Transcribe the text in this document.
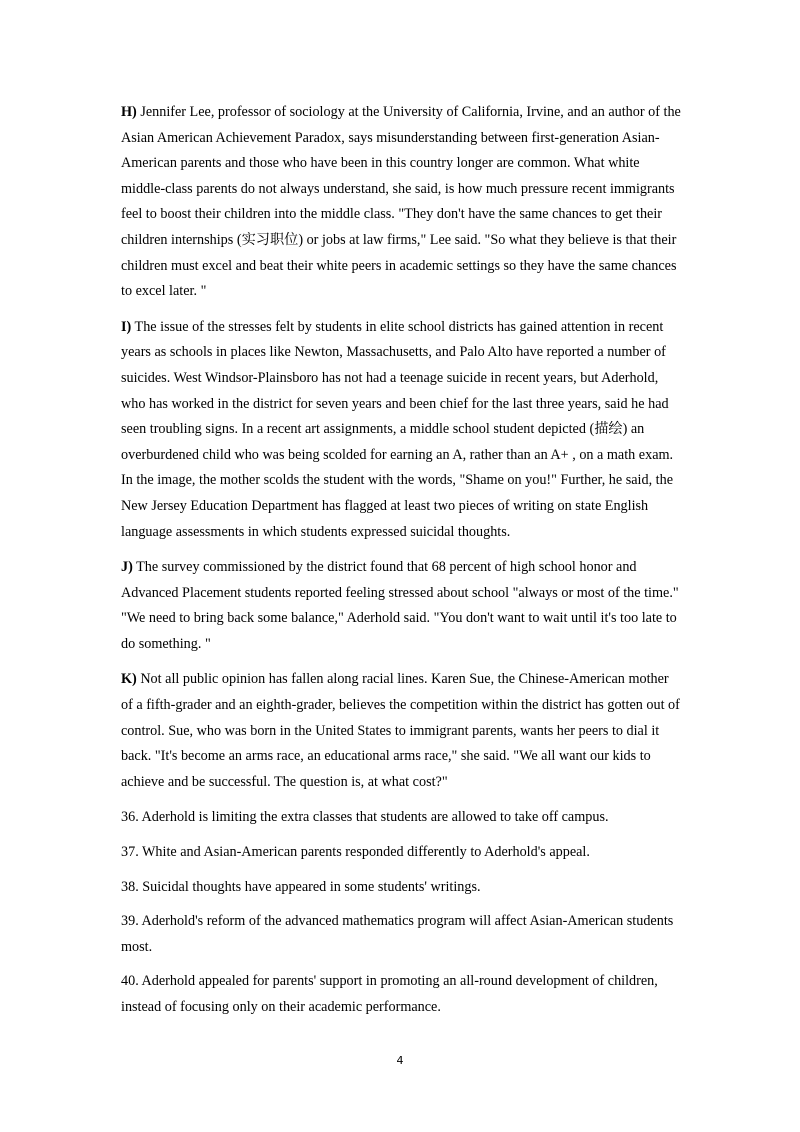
H) Jennifer Lee, professor of sociology at the University of California, Irvine, and an author of the Asian American Achievement Paradox, says misunderstanding between first-generation Asian-American parents and those who have been in this country longer are common. What white middle-class parents do not always understand, she said, is how much pressure recent immigrants feel to boost their children into the middle class. "They don't have the same chances to get their children internships (实习职位) or jobs at law firms," Lee said. "So what they believe is that their children must excel and beat their white peers in academic settings so they have the same chances to excel later. "

I) The issue of the stresses felt by students in elite school districts has gained attention in recent years as schools in places like Newton, Massachusetts, and Palo Alto have reported a number of suicides. West Windsor-Plainsboro has not had a teenage suicide in recent years, but Aderhold, who has worked in the district for seven years and been chief for the last three years, said he had seen troubling signs. In a recent art assignments, a middle school student depicted (描绘) an overburdened child who was being scolded for earning an A, rather than an A+ , on a math exam. In the image, the mother scolds the student with the words, "Shame on you!" Further, he said, the New Jersey Education Department has flagged at least two pieces of writing on state English language assessments in which students expressed suicidal thoughts.

J) The survey commissioned by the district found that 68 percent of high school honor and Advanced Placement students reported feeling stressed about school "always or most of the time." "We need to bring back some balance," Aderhold said. "You don't want to wait until it's too late to do something. "

K) Not all public opinion has fallen along racial lines. Karen Sue, the Chinese-American mother of a fifth-grader and an eighth-grader, believes the competition within the district has gotten out of control. Sue, who was born in the United States to immigrant parents, wants her peers to dial it back. "It's become an arms race, an educational arms race," she said. "We all want our kids to achieve and be successful. The question is, at what cost?"

36. Aderhold is limiting the extra classes that students are allowed to take off campus.

37. White and Asian-American parents responded differently to Aderhold's appeal.

38. Suicidal thoughts have appeared in some students' writings.

39. Aderhold's reform of the advanced mathematics program will affect Asian-American students most.

40. Aderhold appealed for parents' support in promoting an all-round development of children, instead of focusing only on their academic performance.

4
